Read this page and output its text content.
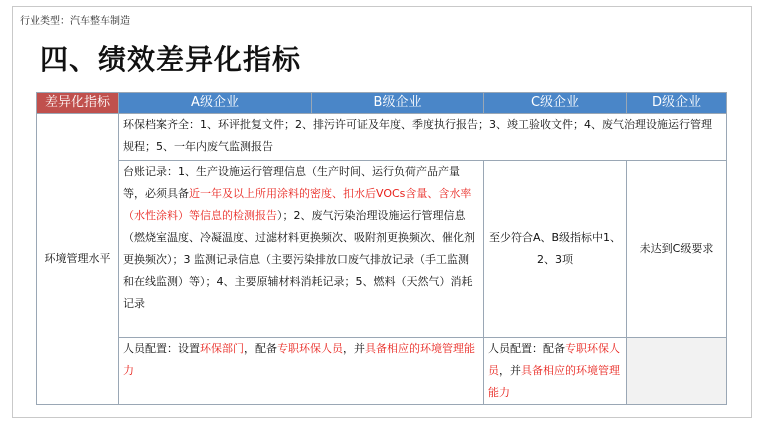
行业类型：汽车整车制造
四、绩效差异化指标
差异化指标	A级企业	B级企业	C级企业	D级企业
环境管理水平	环保档案齐全：1、环评批复文件；2、排污许可证及年度、季度执行报告；3、竣工验收文件；4、废气治理设施运行管理规程；5、一年内废气监测报告			
	台账记录：1、生产设施运行管理信息（生产时间、运行负荷产品产量等，必须具备近一年及以上所用涂料的密度、扣水后VOCs含量、含水率（水性涂料）等信息的检测报告）；2、废气污染治理设施运行管理信息（燃烧室温度、冷凝温度、过滤材料更换频次、吸附剂更换频次、催化剂更换频次）；3 监测记录信息（主要污染排放口废气排放记录（手工监测和在线监测）等）；4、主要原辅材料消耗记录；5、燃料（天然气）消耗记录		至少符合A、B级指标中1、2、3项	未达到C级要求
	人员配置：设置环保部门，配备专职环保人员，并具备相应的环境管理能力		人员配置：配备专职环保人员，并具备相应的环境管理能力	
